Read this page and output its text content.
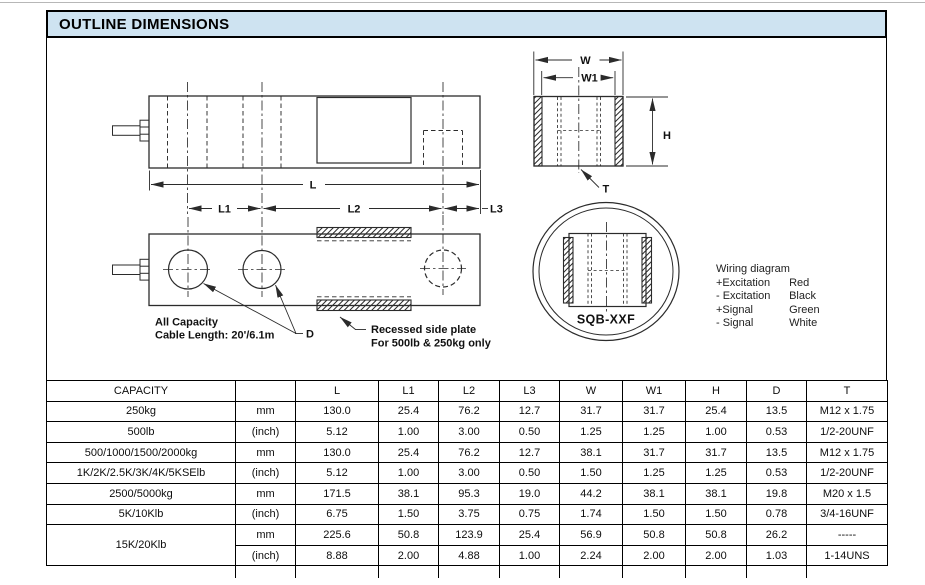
OUTLINE DIMENSIONS
L
L1	L2	L3
All Capacity
Cable Length: 20'/6.1m	D	Recessed side plate
For 500lb & 250kg only
W
W1
H
T
SQB-XXF
Wiring diagram
+Excitation Red
- Excitation Black
+Signal	Green
- Signal	White
CAPACITY		L	L1	L2	L3	W	W1	H	D	T
250kg	mm	130.0	25.4	76.2	12.7	31.7	31.7	25.4	13.5	M12 x 1.75
500lb	(inch)	5.12	1.00	3.00	0.50	1.25	1.25	1.00	0.53	1/2-20UNF
500/1000/1500/2000kg	mm	130.0	25.4	76.2	12.7	38.1	31.7	31.7	13.5	M12 x 1.75
1K/2K/2.5K/3K/4K/5KSElb	(inch)	5.12	1.00	3.00	0.50	1.50	1.25	1.25	0.53	1/2-20UNF
2500/5000kg	mm	171.5	38.1	95.3	19.0	44.2	38.1	38.1	19.8	M20 x 1.5
5K/10Klb	(inch)	6.75	1.50	3.75	0.75	1.74	1.50	1.50	0.78	3/4-16UNF
15K/20Klb	mm	225.6	50.8	123.9	25.4	56.9	50.8	50.8	26.2	-----
	(inch)	8.88	2.00	4.88	1.00	2.24	2.00	2.00	1.03	1-14UNS
